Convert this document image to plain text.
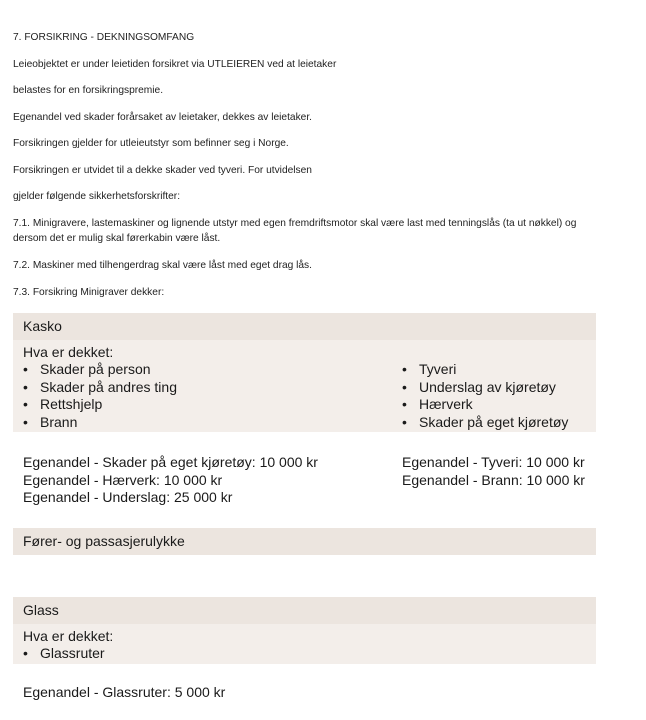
7. FORSIKRING - DEKNINGSOMFANG
Leieobjektet er under leietiden forsikret via UTLEIEREN ved at leietaker
belastes for en forsikringspremie.
Egenandel ved skader forårsaket av leietaker, dekkes av leietaker.
Forsikringen gjelder for utleieutstyr som befinner seg i Norge.
Forsikringen er utvidet til a dekke skader ved tyveri. For utvidelsen
gjelder følgende sikkerhetsforskrifter:
7.1. Minigravere, lastemaskiner og lignende utstyr med egen fremdriftsmotor skal være last med tenningslås (ta ut nøkkel) og dersom det er mulig skal førerkabin være låst.
7.2. Maskiner med tilhengerdrag skal være låst med eget drag lås.
7.3. Forsikring Minigraver dekker:
Kasko
Hva er dekket:
• Skader på person
• Skader på andres ting
• Rettshjelp
• Brann
• Tyveri
• Underslag av kjøretøy
• Hærverk
• Skader på eget kjøretøy
Egenandel - Skader på eget kjøretøy: 10 000 kr
Egenandel - Hærverk: 10 000 kr
Egenandel - Underslag: 25 000 kr
Egenandel - Tyveri: 10 000 kr
Egenandel - Brann: 10 000 kr
Fører- og passasjerulykke
Glass
Hva er dekket:
• Glassruter
Egenandel - Glassruter: 5 000 kr
